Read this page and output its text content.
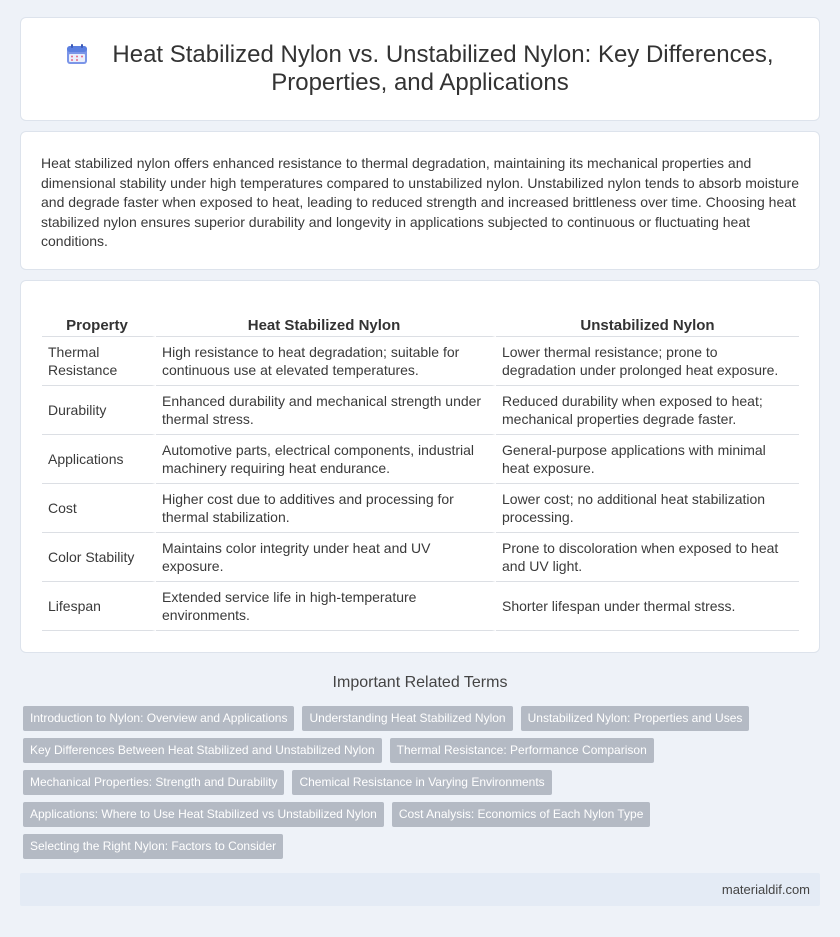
Heat Stabilized Nylon vs. Unstabilized Nylon: Key Differences, Properties, and Applications

Heat stabilized nylon offers enhanced resistance to thermal degradation, maintaining its mechanical properties and dimensional stability under high temperatures compared to unstabilized nylon. Unstabilized nylon tends to absorb moisture and degrade faster when exposed to heat, leading to reduced strength and increased brittleness over time. Choosing heat stabilized nylon ensures superior durability and longevity in applications subjected to continuous or fluctuating heat conditions.

Property	Heat Stabilized Nylon	Unstabilized Nylon
Thermal Resistance	High resistance to heat degradation; suitable for continuous use at elevated temperatures.	Lower thermal resistance; prone to degradation under prolonged heat exposure.
Durability	Enhanced durability and mechanical strength under thermal stress.	Reduced durability when exposed to heat; mechanical properties degrade faster.
Applications	Automotive parts, electrical components, industrial machinery requiring heat endurance.	General-purpose applications with minimal heat exposure.
Cost	Higher cost due to additives and processing for thermal stabilization.	Lower cost; no additional heat stabilization processing.
Color Stability	Maintains color integrity under heat and UV exposure.	Prone to discoloration when exposed to heat and UV light.
Lifespan	Extended service life in high-temperature environments.	Shorter lifespan under thermal stress.
Important Related Terms
Introduction to Nylon: Overview and Applications	Understanding Heat Stabilized Nylon	Unstabilized Nylon: Properties and Uses
Key Differences Between Heat Stabilized and Unstabilized Nylon	Thermal Resistance: Performance Comparison
Mechanical Properties: Strength and Durability	Chemical Resistance in Varying Environments
Applications: Where to Use Heat Stabilized vs Unstabilized Nylon	Cost Analysis: Economics of Each Nylon Type
Selecting the Right Nylon: Factors to Consider
materialdif.com
